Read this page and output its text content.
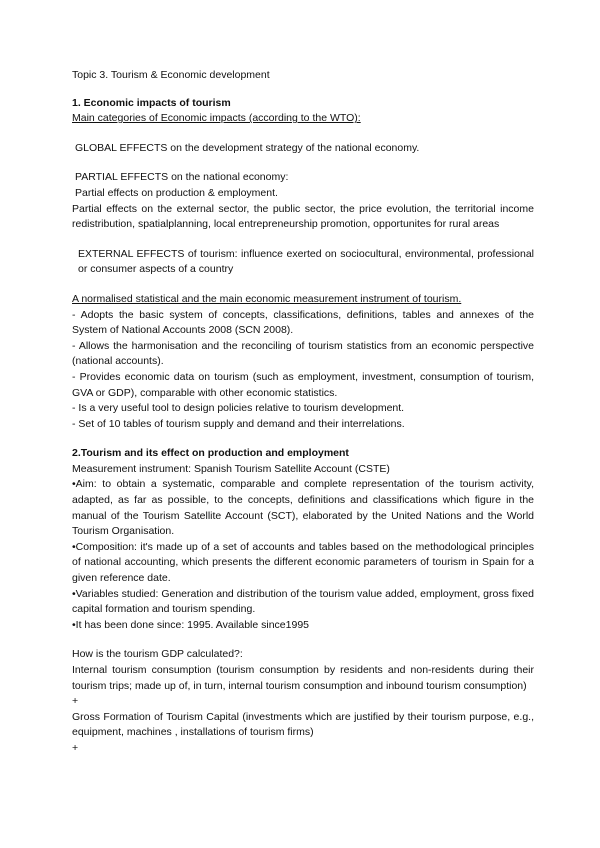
Topic 3. Tourism & Economic development

1. Economic impacts of tourism

Main categories of Economic impacts (according to the WTO):

GLOBAL EFFECTS on the development strategy of the national economy.

PARTIAL EFFECTS on the national economy:

Partial effects on production & employment.

Partial effects on the external sector, the public sector, the price evolution, the territorial income redistribution, spatialplanning, local entrepreneurship promotion, opportunites for rural areas

EXTERNAL EFFECTS of tourism: influence exerted on sociocultural, environmental, professional or consumer aspects of a country

A normalised statistical and the main economic measurement instrument of tourism.

- Adopts the basic system of concepts, classifications, definitions, tables and annexes of the System of National Accounts 2008 (SCN 2008).

- Allows the harmonisation and the reconciling of tourism statistics from an economic perspective (national accounts).

- Provides economic data on tourism (such as employment, investment, consumption of tourism, GVA or GDP), comparable with other economic statistics.

- Is a very useful tool to design policies relative to tourism development.

- Set of 10 tables of tourism supply and demand and their interrelations.

2.Tourism and its effect on production and employment

Measurement instrument: Spanish Tourism Satellite Account (CSTE)

•Aim: to obtain a systematic, comparable and complete representation of the tourism activity, adapted, as far as possible, to the concepts, definitions and classifications which figure in the manual of the Tourism Satellite Account (SCT), elaborated by the United Nations and the World Tourism Organisation.

•Composition: it's made up of a set of accounts and tables based on the methodological principles of national accounting, which presents the different economic parameters of tourism in Spain for a given reference date.

•Variables studied: Generation and distribution of the tourism value added, employment, gross fixed capital formation and tourism spending.

•It has been done since: 1995. Available since1995

How is the tourism GDP calculated?:

Internal tourism consumption (tourism consumption by residents and non-residents during their tourism trips; made up of, in turn, internal tourism consumption and inbound tourism consumption)

+

Gross Formation of Tourism Capital (investments which are justified by their tourism purpose, e.g., equipment, machines , installations of tourism firms)

+
